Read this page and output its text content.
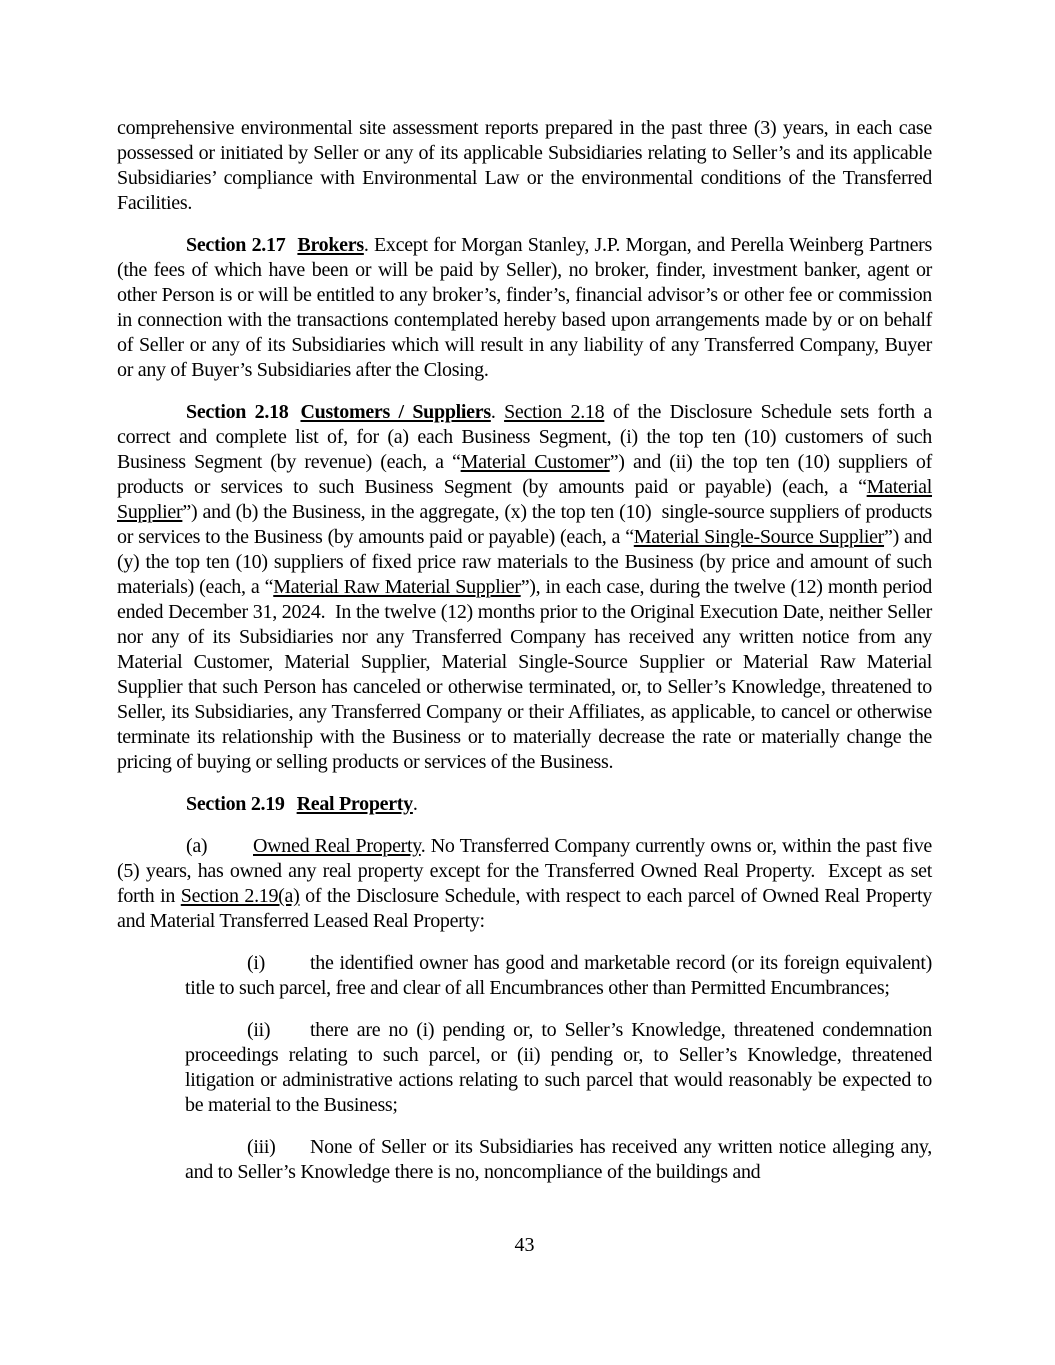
comprehensive environmental site assessment reports prepared in the past three (3) years, in each case possessed or initiated by Seller or any of its applicable Subsidiaries relating to Seller’s and its applicable Subsidiaries’ compliance with Environmental Law or the environmental conditions of the Transferred Facilities.

Section 2.17 Brokers. Except for Morgan Stanley, J.P. Morgan, and Perella Weinberg Partners (the fees of which have been or will be paid by Seller), no broker, finder, investment banker, agent or other Person is or will be entitled to any broker’s, finder’s, financial advisor’s or other fee or commission in connection with the transactions contemplated hereby based upon arrangements made by or on behalf of Seller or any of its Subsidiaries which will result in any liability of any Transferred Company, Buyer or any of Buyer’s Subsidiaries after the Closing.

Section 2.18 Customers / Suppliers. Section 2.18 of the Disclosure Schedule sets forth a correct and complete list of, for (a) each Business Segment, (i) the top ten (10) customers of such Business Segment (by revenue) (each, a “Material Customer”) and (ii) the top ten (10) suppliers of products or services to such Business Segment (by amounts paid or payable) (each, a “Material Supplier”) and (b) the Business, in the aggregate, (x) the top ten (10)  single-source suppliers of products or services to the Business (by amounts paid or payable) (each, a “Material Single-Source Supplier”) and (y) the top ten (10) suppliers of fixed price raw materials to the Business (by price and amount of such materials) (each, a “Material Raw Material Supplier”), in each case, during the twelve (12) month period ended December 31, 2024.  In the twelve (12) months prior to the Original Execution Date, neither Seller nor any of its Subsidiaries nor any Transferred Company has received any written notice from any Material Customer, Material Supplier, Material Single-Source Supplier or Material Raw Material Supplier that such Person has canceled or otherwise terminated, or, to Seller’s Knowledge, threatened to Seller, its Subsidiaries, any Transferred Company or their Affiliates, as applicable, to cancel or otherwise terminate its relationship with the Business or to materially decrease the rate or materially change the pricing of buying or selling products or services of the Business.

Section 2.19 Real Property.

(a) Owned Real Property. No Transferred Company currently owns or, within the past five (5) years, has owned any real property except for the Transferred Owned Real Property.  Except as set forth in Section 2.19(a) of the Disclosure Schedule, with respect to each parcel of Owned Real Property and Material Transferred Leased Real Property:

(i) the identified owner has good and marketable record (or its foreign equivalent) title to such parcel, free and clear of all Encumbrances other than Permitted Encumbrances;

(ii) there are no (i) pending or, to Seller’s Knowledge, threatened condemnation proceedings relating to such parcel, or (ii) pending or, to Seller’s Knowledge, threatened litigation or administrative actions relating to such parcel that would reasonably be expected to be material to the Business;

(iii) None of Seller or its Subsidiaries has received any written notice alleging any, and to Seller’s Knowledge there is no, noncompliance of the buildings and

43
